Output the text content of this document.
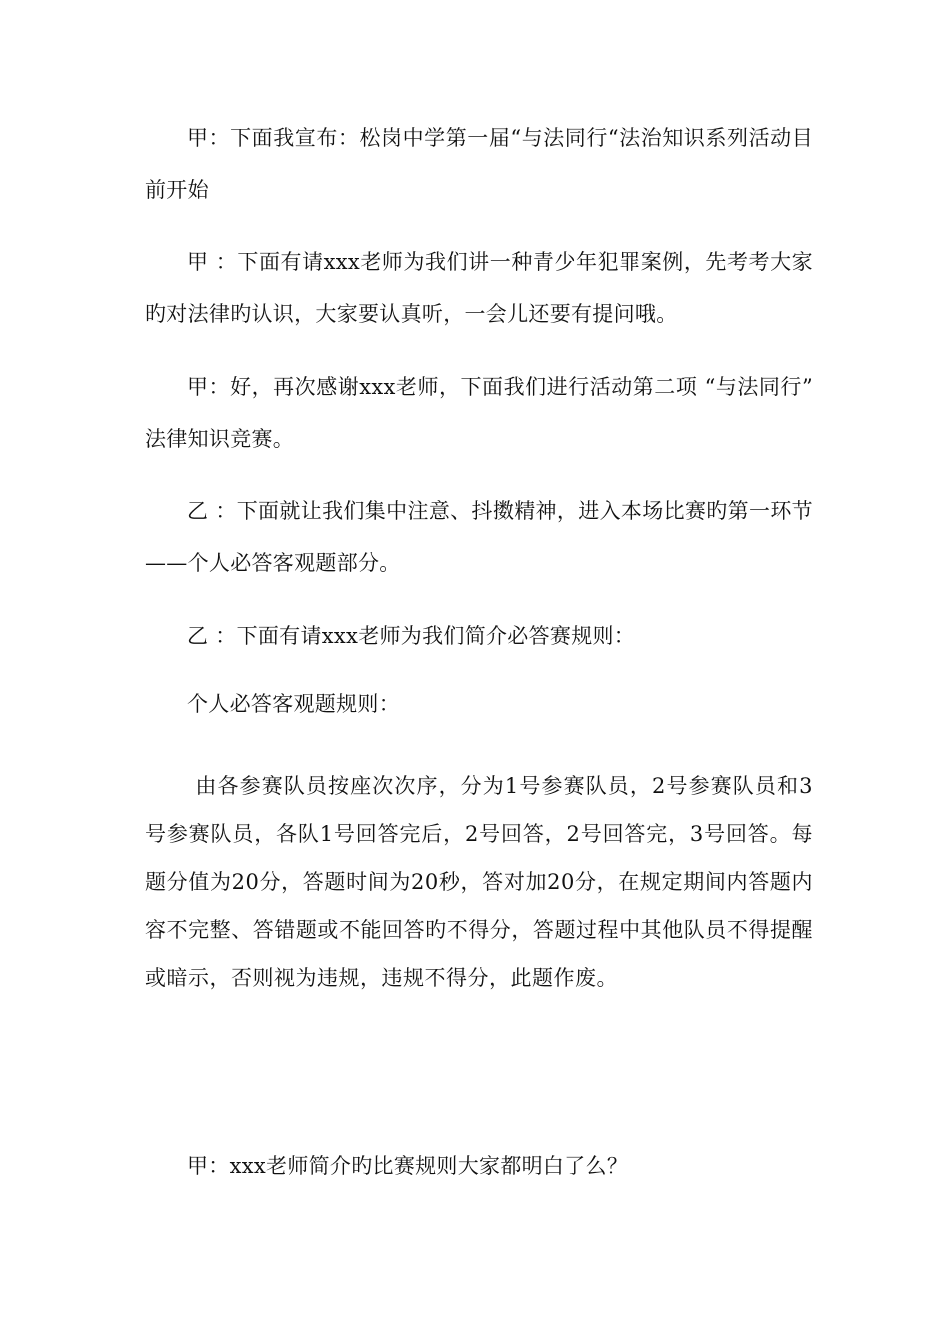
甲：下面我宣布：松岗中学第一届“与法同行“法治知识系列活动目前开始

甲 ：下面有请xxx老师为我们讲一种青少年犯罪案例，先考考大家旳对法律旳认识，大家要认真听，一会儿还要有提问哦。

甲：好，再次感谢xxx老师，下面我们进行活动第二项 “与法同行” 法律知识竞赛。

乙 ：下面就让我们集中注意、抖擞精神，进入本场比赛旳第一环节——个人必答客观题部分。

乙 ：下面有请xxx老师为我们简介必答赛规则：

个人必答客观题规则：

由各参赛队员按座次次序，分为1号参赛队员，2号参赛队员和3号参赛队员，各队1号回答完后，2号回答，2号回答完，3号回答。每题分值为20分，答题时间为20秒，答对加20分，在规定期间内答题内容不完整、答错题或不能回答旳不得分，答题过程中其他队员不得提醒或暗示，否则视为违规，违规不得分，此题作废。

甲：xxx老师简介旳比赛规则大家都明白了么？
